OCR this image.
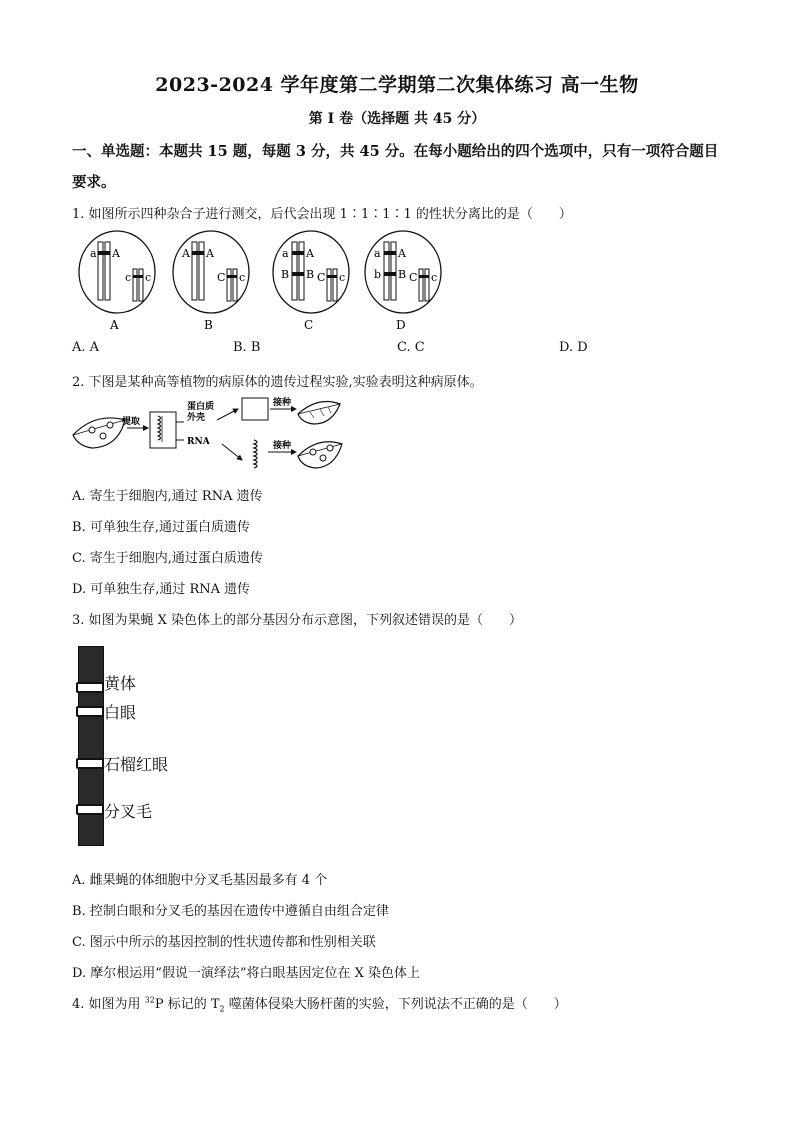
2023-2024 学年度第二学期第二次集体练习 高一生物
第 I 卷（选择题 共 45 分）
一、单选题：本题共 15 题，每题 3 分，共 45 分。在每小题给出的四个选项中，只有一项符合题目要求。
1. 如图所示四种杂合子进行测交，后代会出现 1∶1∶1∶1 的性状分离比的是（　　）
a A
c c
A
A A
C c
B
a A
B B C c
C
a A
b B C c
D
A. A	B. B	C. C	D. D
2. 下图是某种高等植物的病原体的遗传过程实验,实验表明这种病原体。
提取
蛋白质外壳
RNA
接种
接种
A. 寄生于细胞内,通过 RNA 遗传
B. 可单独生存,通过蛋白质遗传
C. 寄生于细胞内,通过蛋白质遗传
D. 可单独生存,通过 RNA 遗传
3. 如图为果蝇 X 染色体上的部分基因分布示意图，下列叙述错误的是（　　）
黄体
白眼
石榴红眼
分叉毛
A. 雌果蝇的体细胞中分叉毛基因最多有 4 个
B. 控制白眼和分叉毛的基因在遗传中遵循自由组合定律
C. 图示中所示的基因控制的性状遗传都和性别相关联
D. 摩尔根运用“假说一演绎法”将白眼基因定位在 X 染色体上
4. 如图为用 $^{32}$P 标记的 $T_2$ 噬菌体侵染大肠杆菌的实验，下列说法不正确的是（　　）
